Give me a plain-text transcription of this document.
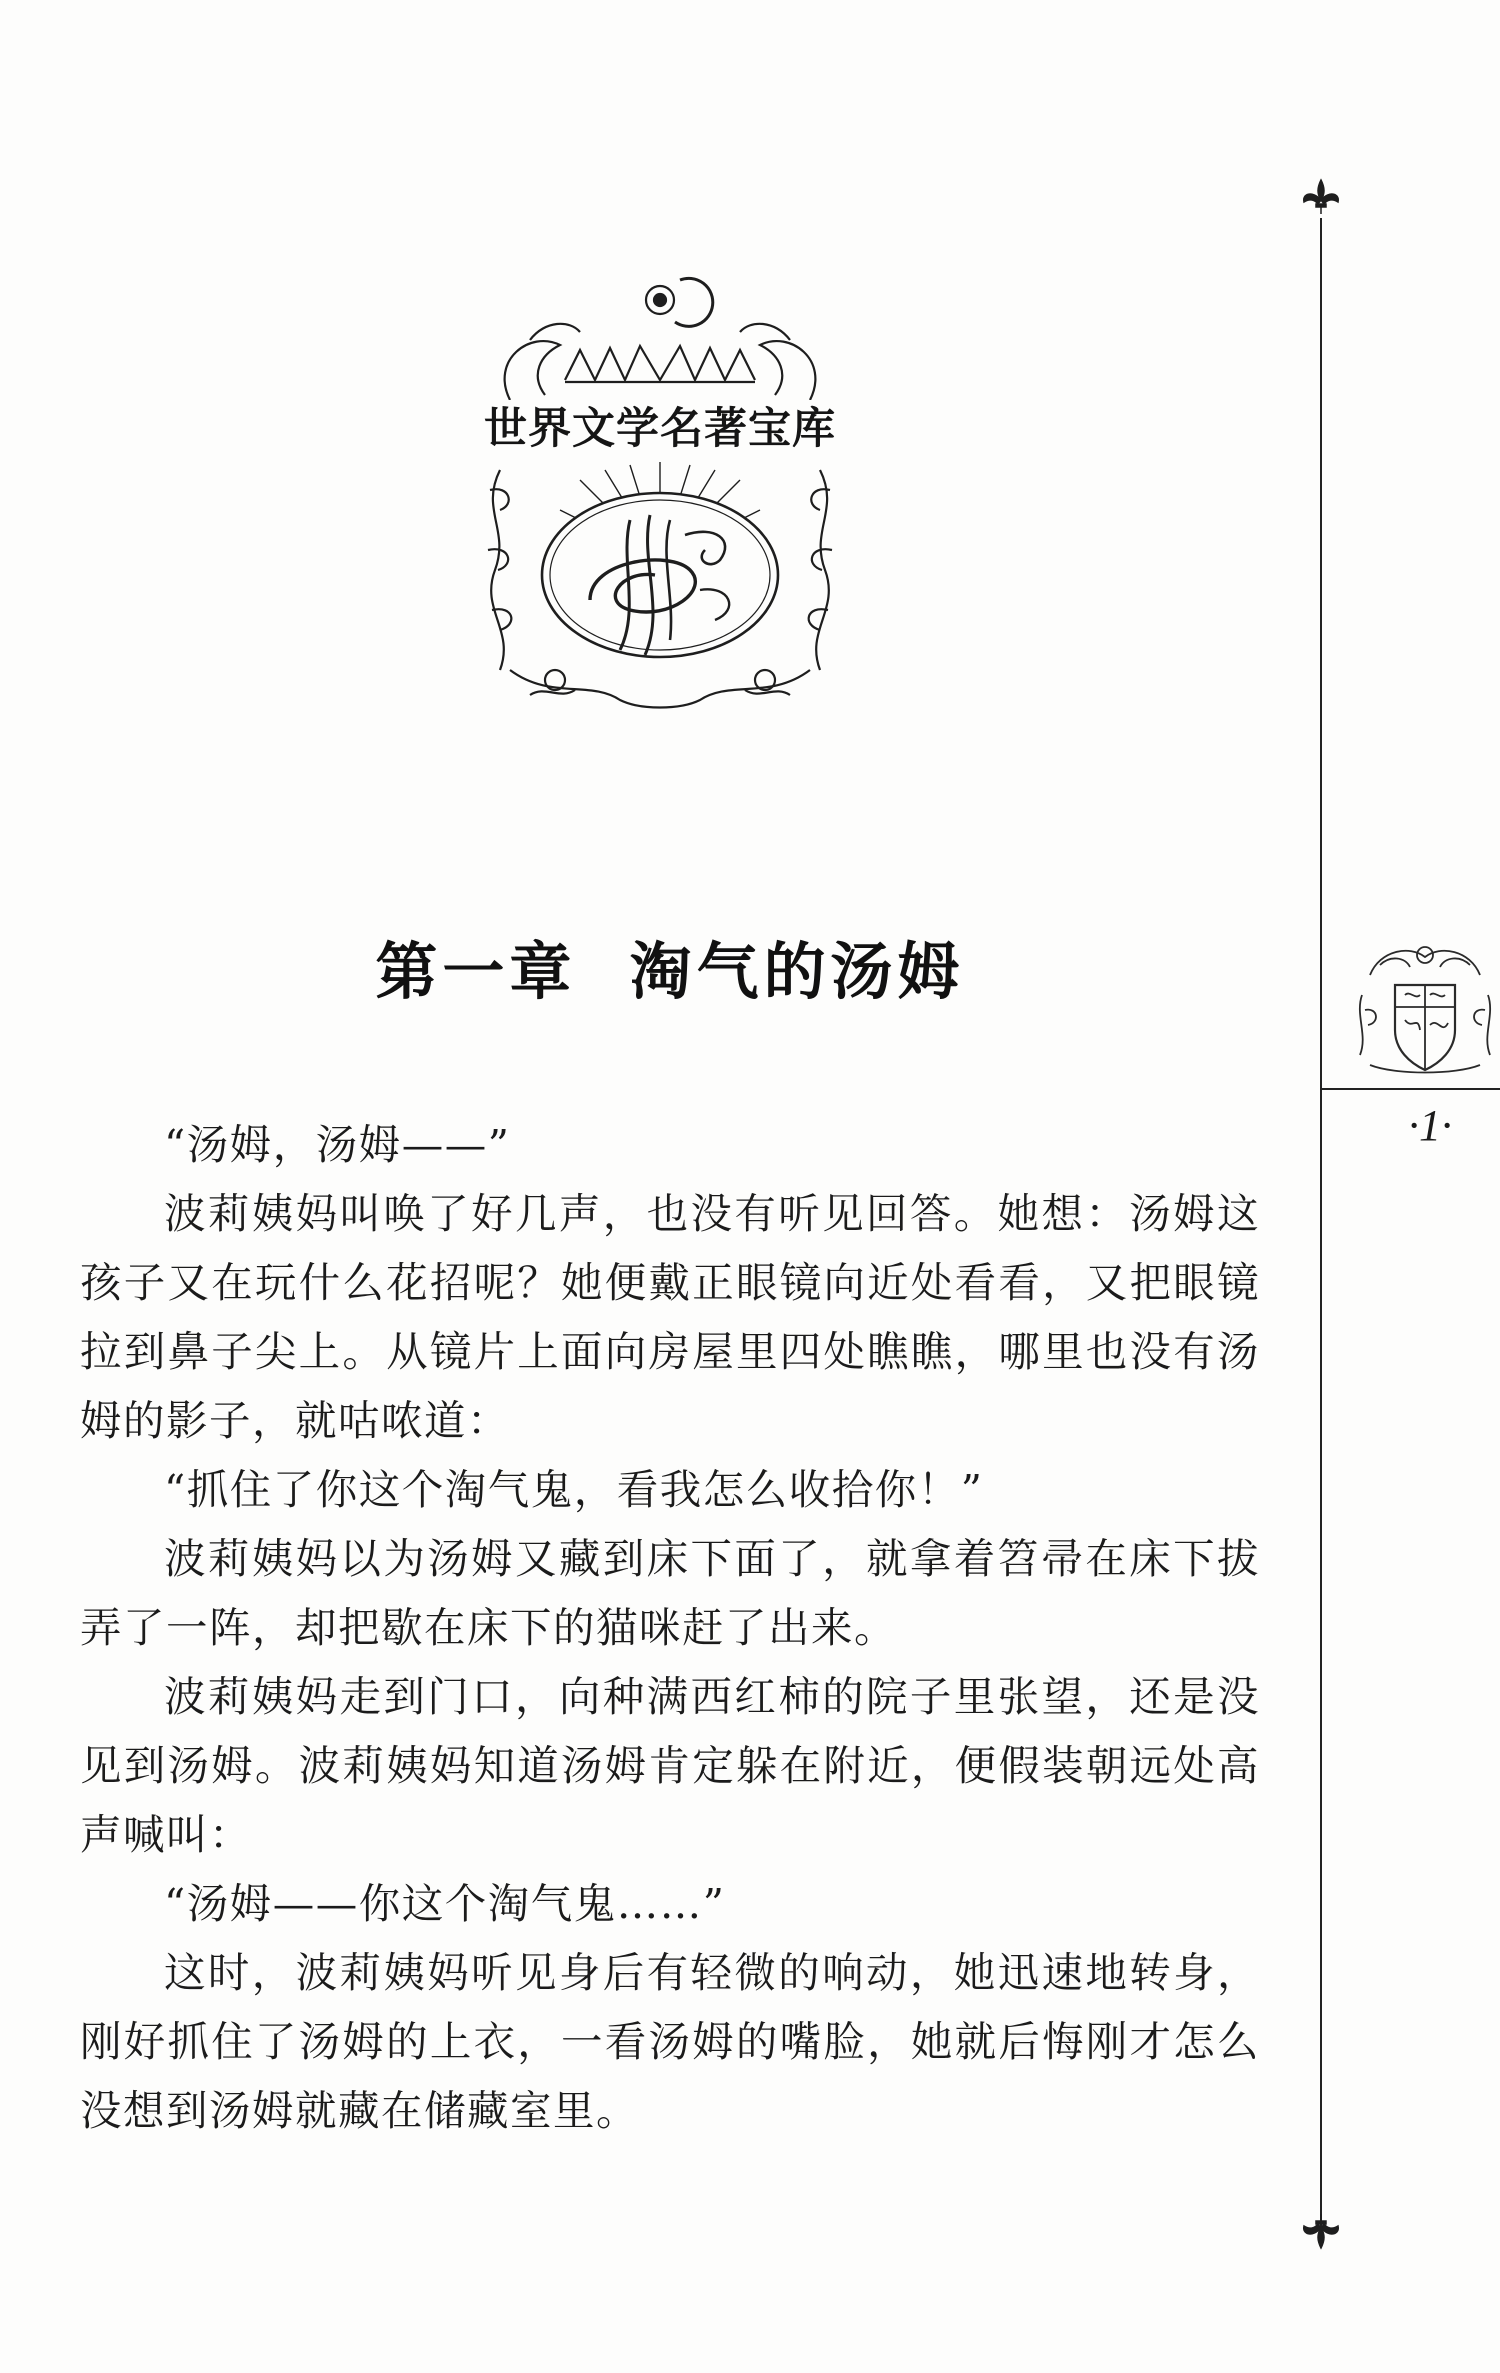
世界文学名著宝库
第一章  淘气的汤姆

“汤姆，汤姆——”

波莉姨妈叫唤了好几声，也没有听见回答。她想：汤姆这孩子又在玩什么花招呢？她便戴正眼镜向近处看看，又把眼镜拉到鼻子尖上。从镜片上面向房屋里四处瞧瞧，哪里也没有汤姆的影子，就咕哝道：

“抓住了你这个淘气鬼，看我怎么收拾你！”

波莉姨妈以为汤姆又藏到床下面了，就拿着笤帚在床下拔弄了一阵，却把歇在床下的猫咪赶了出来。

波莉姨妈走到门口，向种满西红柿的院子里张望，还是没见到汤姆。波莉姨妈知道汤姆肯定躲在附近，便假装朝远处高声喊叫：

“汤姆——你这个淘气鬼……”

这时，波莉姨妈听见身后有轻微的响动，她迅速地转身，刚好抓住了汤姆的上衣，一看汤姆的嘴脸，她就后悔刚才怎么没想到汤姆就藏在储藏室里。

·1·
